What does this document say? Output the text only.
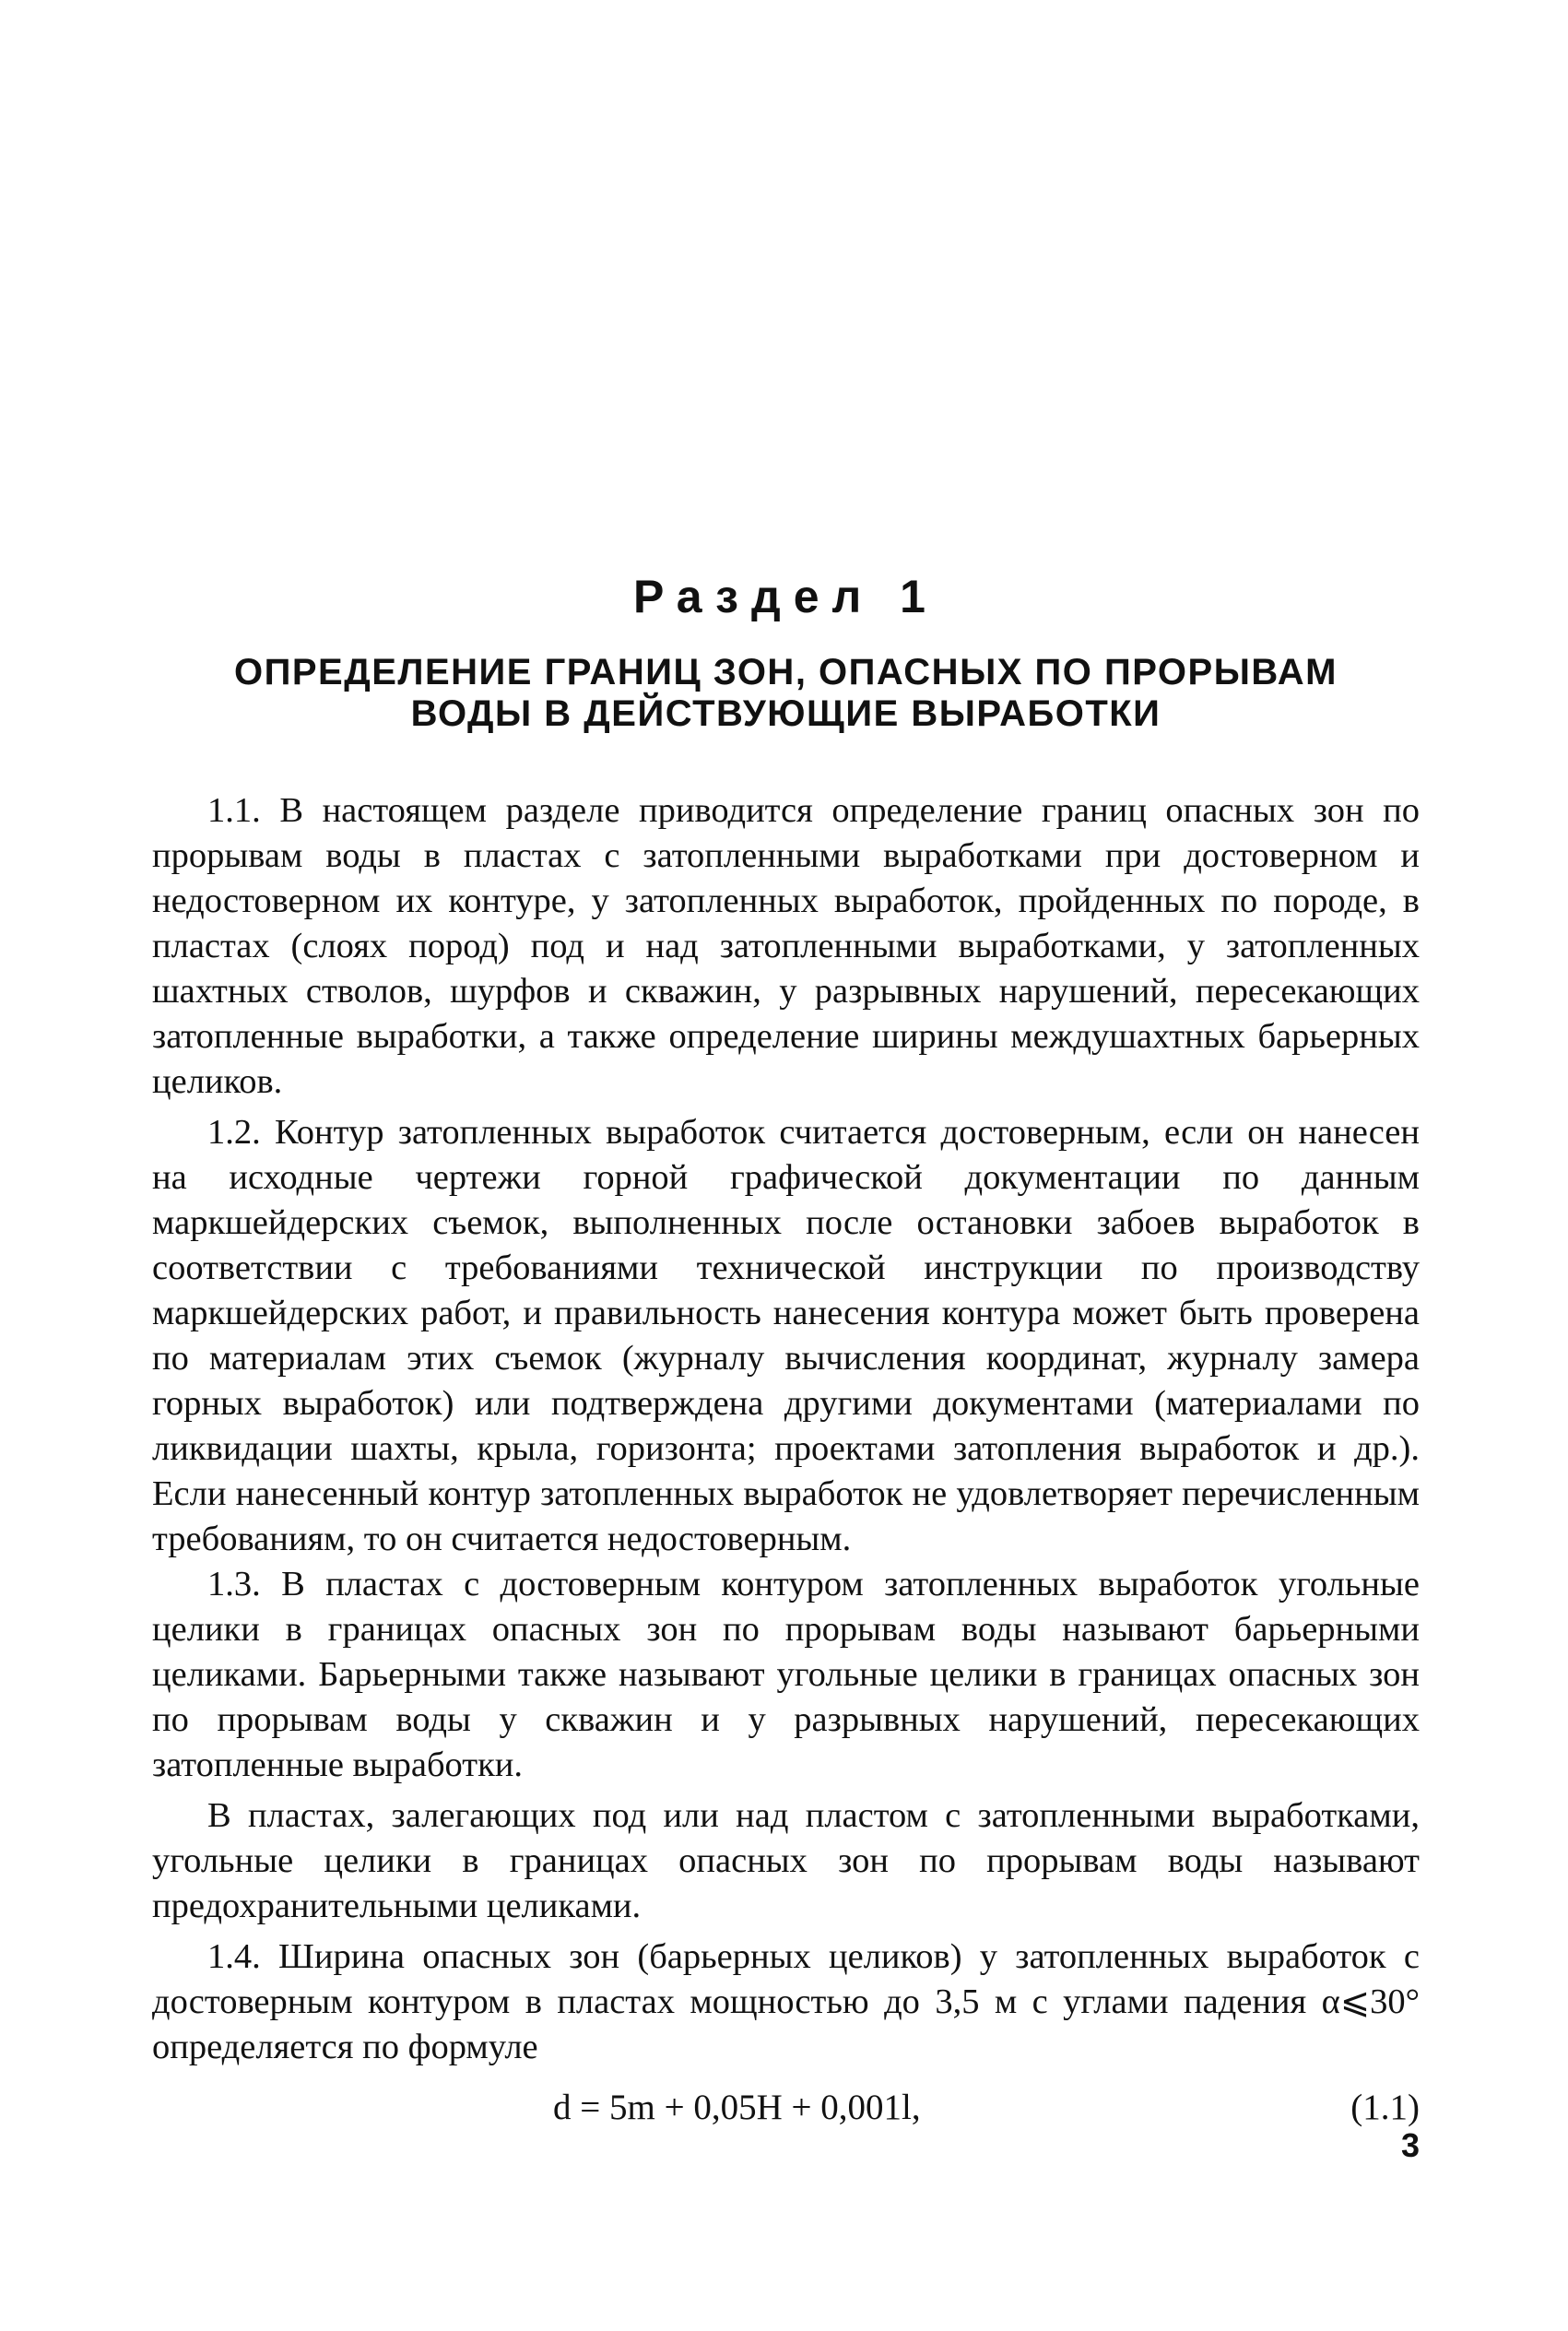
Раздел 1
ОПРЕДЕЛЕНИЕ ГРАНИЦ ЗОН, ОПАСНЫХ ПО ПРОРЫВАМ
ВОДЫ В ДЕЙСТВУЮЩИЕ ВЫРАБОТКИ

1.1. В настоящем разделе приводится определение границ опасных зон по прорывам воды в пластах с затопленными выработками при достоверном и недостоверном их контуре, у затопленных выработок, пройденных по породе, в пластах (слоях пород) под и над затопленными выработками, у затопленных шахтных стволов, шурфов и скважин, у разрывных нарушений, пересекающих затопленные выработки, а также определение ширины междушахтных барьерных целиков.

1.2. Контур затопленных выработок считается достоверным, если он нанесен на исходные чертежи горной графической документации по данным маркшейдерских съемок, выполненных после остановки забоев выработок в соответствии с требованиями технической инструкции по производству маркшейдерских работ, и правильность нанесения контура может быть проверена по материалам этих съемок (журналу вычисления координат, журналу замера горных выработок) или подтверждена другими документами (материалами по ликвидации шахты, крыла, горизонта; проектами затопления выработок и др.). Если нанесенный контур затопленных выработок не удовлетворяет перечисленным требованиям, то он считается недостоверным.

1.3. В пластах с достоверным контуром затопленных выработок угольные целики в границах опасных зон по прорывам воды называют барьерными целиками. Барьерными также называют угольные целики в границах опасных зон по прорывам воды у скважин и у разрывных нарушений, пересекающих затопленные выработки.

В пластах, залегающих под или над пластом с затопленными выработками, угольные целики в границах опасных зон по прорывам воды называют предохранительными целиками.

1.4. Ширина опасных зон (барьерных целиков) у затопленных выработок с достоверным контуром в пластах мощностью до 3,5 м с углами падения α⩽30° определяется по формуле

d = 5m + 0,05H + 0,001l,	(1.1)
3
